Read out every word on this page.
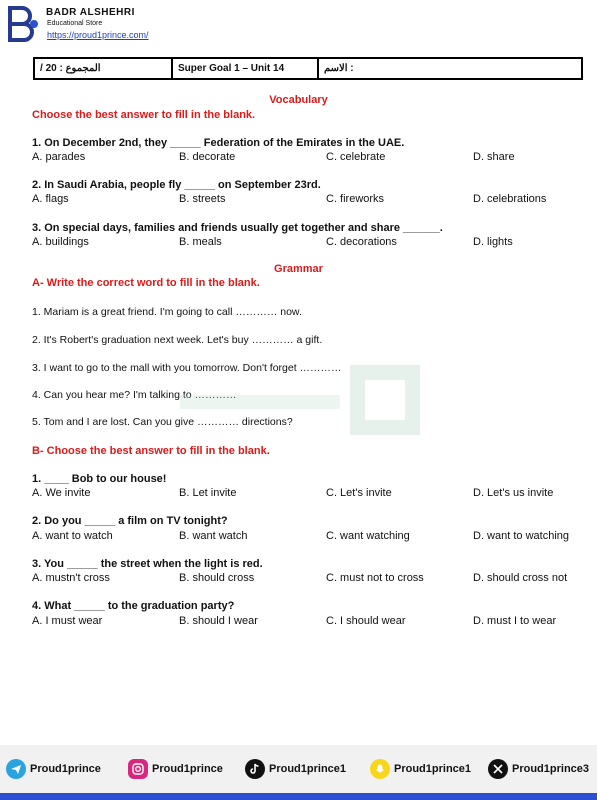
BADR ALSHEHRI
Educational Store
https://proud1prince.com/
المجموع : 20 /	Super Goal 1 – Unit 14	: الاسم
Vocabulary
Choose the best answer to fill in the blank.
1. On December 2nd, they _____ Federation of the Emirates in the UAE.
A. parades	B. decorate	C. celebrate	D. share
2. In Saudi Arabia, people fly _____ on September 23rd.
A. flags	B. streets	C. fireworks	D. celebrations
3. On special days, families and friends usually get together and share ______.
A. buildings	B. meals	C. decorations	D. lights
Grammar
A- Write the correct word to fill in the blank.
1. Mariam is a great friend. I'm going to call ………… now.
2. It's Robert's graduation next week. Let's buy ………… a gift.
3. I want to go to the mall with you tomorrow. Don't forget …………
4. Can you hear me? I'm talking to …………
5. Tom and I are lost. Can you give ………… directions?
B- Choose the best answer to fill in the blank.
1. ____ Bob to our house!
A. We invite	B. Let invite	C. Let's invite	D. Let's us invite
2. Do you _____ a film on TV tonight?
A. want to watch	B. want watch	C. want watching	D. want to watching
3. You _____ the street when the light is red.
A. mustn't cross	B. should cross	C. must not to cross	D. should cross not
4. What _____ to the graduation party?
A. I must wear	B. should I wear	C. I should wear	D. must I to wear
Proud1prince	Proud1prince	Proud1prince1	Proud1prince1	Proud1prince3
